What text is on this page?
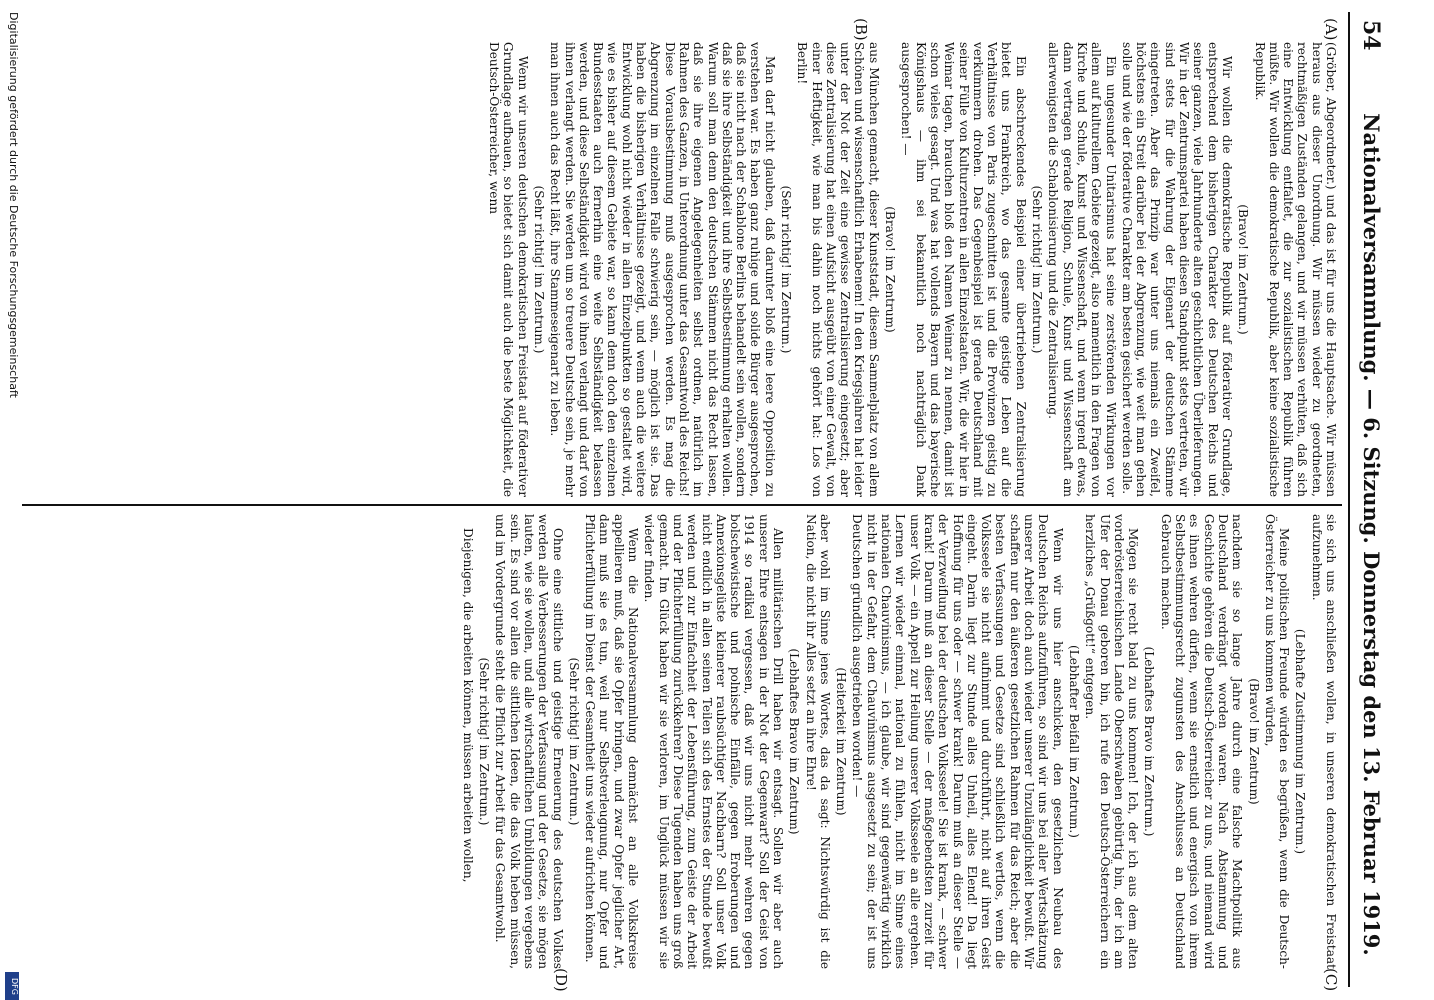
54
Nationalversammlung. — 6. Sitzung. Donnerstag den 13. Februar 1919.
(A)
(B)
(C)
(D)

(Gröber, Abgeordneter.) und das ist für uns die Hauptsache. Wir müssen heraus aus dieser Unordnung. Wir müssen wieder zu geordneten, rechtmäßigen Zuständen gelangen, und wir müssen verhüten, daß sich eine Entwicklung entfaltet, die zur sozialistischen Republik führen müßte. Wir wollen die demokratische Republik, aber keine sozialistische Republik.

(Bravo! im Zentrum.)

Wir wollen die demokratische Republik auf föderativer Grundlage, entsprechend dem bisherigen Charakter des Deutschen Reichs und seiner ganzen, viele Jahrhunderte alten geschichtlichen Überlieferungen. Wir in der Zentrumspartei haben diesen Standpunkt stets vertreten, wir sind stets für die Wahrung der Eigenart der deutschen Stämme eingetreten. Aber das Prinzip war unter uns niemals ein Zweifel, höchstens ein Streit darüber bei der Abgrenzung, wie weit man gehen solle und wie der föderative Charakter am besten gesichert werden solle.

Ein ungesunder Unitarismus hat seine zerstörenden Wirkungen vor allem auf kulturellem Gebiete gezeigt, also namentlich in den Fragen von Kirche und Schule, Kunst und Wissenschaft, und wenn irgend etwas, dann vertragen gerade Religion, Schule, Kunst und Wissenschaft am allerwenigsten die Schablonisierung und die Zentralisierung.

(Sehr richtig! im Zentrum.)

Ein abschreckendes Beispiel einer übertriebenen Zentralisierung bietet uns Frankreich, wo das gesamte geistige Leben auf die Verhältnisse von Paris zugeschnitten ist und die Provinzen geistig zu verkümmern drohen. Das Gegenbeispiel ist gerade Deutschland mit seiner Fülle von Kulturzentren in allen Einzelstaaten. Wir, die wir hier in Weimar tagen, brauchen bloß den Namen Weimar zu nennen, damit ist schon vieles gesagt. Und was hat vollends Bayern und das bayerische Königshaus — ihm sei bekanntlich noch nachträglich Dank ausgesprochen! —

(Bravo! im Zentrum)

aus München gemacht, dieser Kunststadt, diesem Sammelplatz von allem Schönen und wissenschaftlich Erhabenem! In den Kriegsjahren hat leider unter der Not der Zeit eine gewisse Zentralisierung eingesetzt; aber diese Zentralisierung hat einen Aufsicht ausgeübt von einer Gewalt, von einer Heftigkeit, wie man bis dahin noch nichts gehört hat: Los von Berlin!

(Sehr richtig! im Zentrum.)

Man darf nicht glauben, daß darunter bloß eine leere Opposition zu verstehen war. Es haben ganz ruhige und solide Bürger ausgesprochen, daß sie nicht nach der Schablone Berlins behandelt sein wollen, sondern daß sie ihre Selbständigkeit und ihre Selbstbestimmung erhalten wollen. Warum soll man denn den deutschen Stämmen nicht das Recht lassen, daß sie ihre eigenen Angelegenheiten selbst ordnen, natürlich im Rahmen des Ganzen, in Unterordnung unter das Gesamtwohl des Reichs! Diese Vorausbestimmung muß ausgesprochen werden. Es mag die Abgrenzung im einzelnen Falle schwierig sein, — möglich ist sie. Das haben die bisherigen Verhältnisse gezeigt, und wenn auch die weitere Entwicklung wohl nicht wieder in allen Einzelpunkten so gestaltet wird, wie es bisher auf diesem Gebiete war, so kann denn doch den einzelnen Bundesstaaten auch fernerhin eine weite Selbständigkeit belassen werden, und diese Selbständigkeit wird von ihnen verlangt und darf von ihnen verlangt werden. Sie werden um so treuere Deutsche sein, je mehr man ihnen auch das Recht läßt, ihre Stammeseigenart zu leben.

(Sehr richtig! im Zentrum.)

Wenn wir unseren deutschen demokratischen Freistaat auf föderativer Grundlage aufbauen, so bietet sich damit auch die beste Möglichkeit, die Deutsch-Österreicher, wenn

sie sich uns anschließen wollen, in unseren demokratischen Freistaat aufzunehmen.

(Lebhafte Zustimmung im Zentrum.)

Meine politischen Freunde würden es begrüßen, wenn die Deutsch-Österreicher zu uns kommen würden,

(Bravo! im Zentrum)

nachdem sie so lange Jahre durch eine falsche Machtpolitik aus Deutschland verdrängt worden waren. Nach Abstammung und Geschichte gehören die Deutsch-Österreicher zu uns, und niemand wird es ihnen wehren dürfen, wenn sie ernstlich und energisch von ihrem Selbstbestimmungsrecht zugunsten des Anschlusses an Deutschland Gebrauch machen.

(Lebhaftes Bravo im Zentrum.)

Mögen sie recht bald zu uns kommen! Ich, der ich aus dem alten vorderösterreichischen Lande Oberschwaben gebürtig bin, der ich am Ufer der Donau geboren bin, ich rufe den Deutsch-Österreichern ein herzliches „Grüßgott!“ entgegen.

(Lebhafter Beifall im Zentrum.)

Wenn wir uns hier anschicken, den gesetzlichen Neubau des Deutschen Reichs aufzuführen, so sind wir uns bei aller Wertschätzung unserer Arbeit doch auch wieder unserer Unzulänglichkeit bewußt. Wir schaffen nur den äußeren gesetzlichen Rahmen für das Reich; aber die besten Verfassungen und Gesetze sind schließlich wertlos, wenn die Volksseele sie nicht aufnimmt und durchführt, nicht auf ihren Geist eingeht. Darin liegt zur Stunde alles Unheil, alles Elend! Da liegt Hoffnung für uns oder — schwer krank! Darum muß an dieser Stelle — der Verzweiflung bei der deutschen Volksseele! Sie ist krank, — schwer krank! Darum muß an dieser Stelle — der maßgebendsten zurzeit für unser Volk — ein Appell zur Heilung unserer Volksseele an alle ergehen. Lernen wir wieder einmal, national zu fühlen, nicht im Sinne eines nationalen Chauvinismus, — ich glaube, wir sind gegenwärtig wirklich nicht in der Gefahr, dem Chauvinismus ausgesetzt zu sein; der ist uns Deutschen gründlich ausgetrieben worden! —

(Heiterkeit im Zentrum)

aber wohl im Sinne jenes Wortes, das da sagt: Nichtswürdig ist die Nation, die nicht ihr Alles setzt an ihre Ehre!

(Lebhaftes Bravo im Zentrum)

Allen militärischen Drill haben wir entsagt. Sollen wir aber auch unserer Ehre entsagen in der Not der Gegenwart? Soll der Geist von 1914 so radikal vergessen, daß wir uns nicht mehr wehren gegen bolschewistische und polnische Einfälle, gegen Eroberungen und Annexionsgelüste kleinerer raubsüchtiger Nachbarn? Soll unser Volk nicht endlich in allen seinen Teilen sich des Ernstes der Stunde bewußt werden und zur Einfachheit der Lebensführung, zum Geiste der Arbeit und der Pflichterfüllung zurückkehren? Diese Tugenden haben uns groß gemacht. Im Glück haben wir sie verloren, im Unglück müssen wir sie wieder finden.

Wenn die Nationalversammlung demnächst an alle Volkskreise appellieren muß, daß sie Opfer bringen, und zwar Opfer jeglicher Art, dann muß sie es tun, weil nur Selbstverleugnung, nur Opfer und Pflichterfüllung im Dienst der Gesamtheit uns wieder aufrichten können.

(Sehr richtig! im Zentrum.)

Ohne eine sittliche und geistige Erneuerung des deutschen Volkes werden alle Verbesserungen der Verfassung und der Gesetze, sie mögen lauten, wie sie wollen, und alle wirtschaftlichen Umbildungen vergebens sein. Es sind vor allen die sittlichen Ideen, die das Volk heben müssen, und im Vordergrunde steht die Pflicht zur Arbeit für das Gesamtwohl.

(Sehr richtig! im Zentrum.)

Diejenigen, die arbeiten können, müssen arbeiten wollen,

Digitalisierung gefördert durch die Deutsche Forschungsgemeinschaft
DFG
